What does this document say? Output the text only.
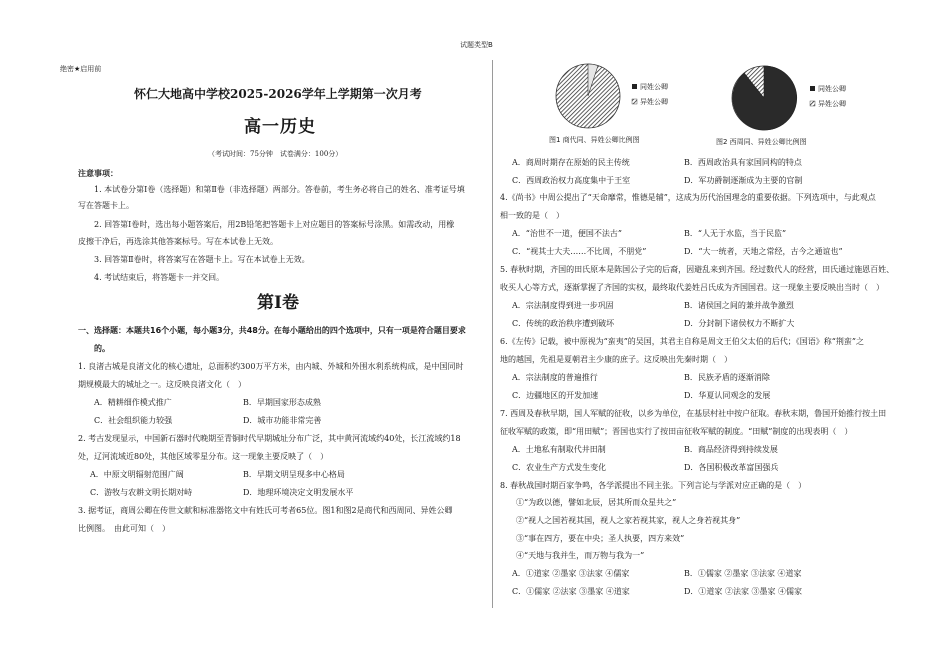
试题类型B
绝密★启用前
怀仁大地高中学校2025-2026学年上学期第一次月考
高一历史
（考试时间：75分钟　试卷满分：100分）
注意事项：
1. 本试卷分第Ⅰ卷（选择题）和第Ⅱ卷（非选择题）两部分。答卷前，考生务必将自己的姓名、准考证号填
写在答题卡上。
2. 回答第Ⅰ卷时，选出每小题答案后，用2B铅笔把答题卡上对应题目的答案标号涂黑。如需改动，用橡
皮擦干净后，再选涂其他答案标号。写在本试卷上无效。
3. 回答第Ⅱ卷时，将答案写在答题卡上。写在本试卷上无效。
4. 考试结束后，将答题卡一并交回。
第Ⅰ卷
一、选择题：本题共16个小题，每小题3分，共48分。在每小题给出的四个选项中，只有一项是符合题目要求
的。
1. 良渚古城是良渚文化的核心遗址，总面积约300万平方米，由内城、外城和外围水利系统构成，是中国同时
期规模最大的城址之一。这反映良渚文化（　）
A．精耕细作模式推广	B．早期国家形态成熟
C．社会组织能力较强	D．城市功能非常完善
2. 考古发现显示，中国新石器时代晚期至青铜时代早期城址分布广泛，其中黄河流域约40处，长江流域约18
处，辽河流域近80处，其他区域零星分布。这一现象主要反映了（　）
A．中原文明辐射范围广阔	B．早期文明呈现多中心格局
C．游牧与农耕文明长期对峙	D．地理环境决定文明发展水平
3. 据考证，商周公卿在传世文献和标准器铭文中有姓氏可考者65位。图1和图2是商代和西周同、异姓公卿
比例图。　由此可知（　）
同姓公卿
异姓公卿
图1 商代同、异姓公卿比例图
同姓公卿
异姓公卿
图2 西周同、异姓公卿比例图
A．商周时期存在原始的民主传统	B．西周政治具有家国同构的特点
C．西周政治权力高度集中于王室	D．军功爵制逐渐成为主要的官制
4.《尚书》中周公提出了“天命靡常，惟德是辅”，这成为历代治国理念的重要依据。下列选项中，与此观点
相一致的是（　）
A．“治世不一道，便国不法古”	B．“人无于水监，当于民监”
C．“视其士大夫……不比周，不朋党”	D．“大一统者，天地之常经，古今之通谊也”
5. 春秋时期，齐国的田氏原本是陈国公子完的后裔，因避乱来到齐国。经过数代人的经营，田氏通过施恩百姓、
收买人心等方式，逐渐掌握了齐国的实权，最终取代姜姓吕氏成为齐国国君。这一现象主要反映出当时（　）
A．宗法制度得到进一步巩固	B．诸侯国之间的兼并战争激烈
C．传统的政治秩序遭到破坏	D．分封制下诸侯权力不断扩大
6.《左传》记载，被中原视为“蛮夷”的吴国，其君主自称是周文王伯父太伯的后代；《国语》称“荆蛮”之
地的越国，先祖是夏朝君主少康的庶子。这反映出先秦时期（　）
A．宗法制度的普遍推行	B．民族矛盾的逐渐消除
C．边疆地区的开发加速	D．华夏认同观念的发展
7. 西周及春秋早期，国人军赋的征收，以乡为单位，在基层村社中按户征取。春秋末期，鲁国开始推行按土田
征收军赋的政策，即“用田赋”；晋国也实行了按田亩征收军赋的制度。“田赋”制度的出现表明（　）
A．土地私有制取代井田制	B．商品经济得到持续发展
C．农业生产方式发生变化	D．各国积极改革富国强兵
8. 春秋战国时期百家争鸣，各学派提出不同主张。下列言论与学派对应正确的是（　）
①“为政以德，譬如北辰，居其所而众星共之”
②“视人之国若视其国，视人之家若视其家，视人之身若视其身”
③“事在四方，要在中央；圣人执要，四方来效”
④“天地与我并生，而万物与我为一”
A．①道家 ②墨家 ③法家 ④儒家	B．①儒家 ②墨家 ③法家 ④道家
C．①儒家 ②法家 ③墨家 ④道家	D．①道家 ②法家 ③墨家 ④儒家
